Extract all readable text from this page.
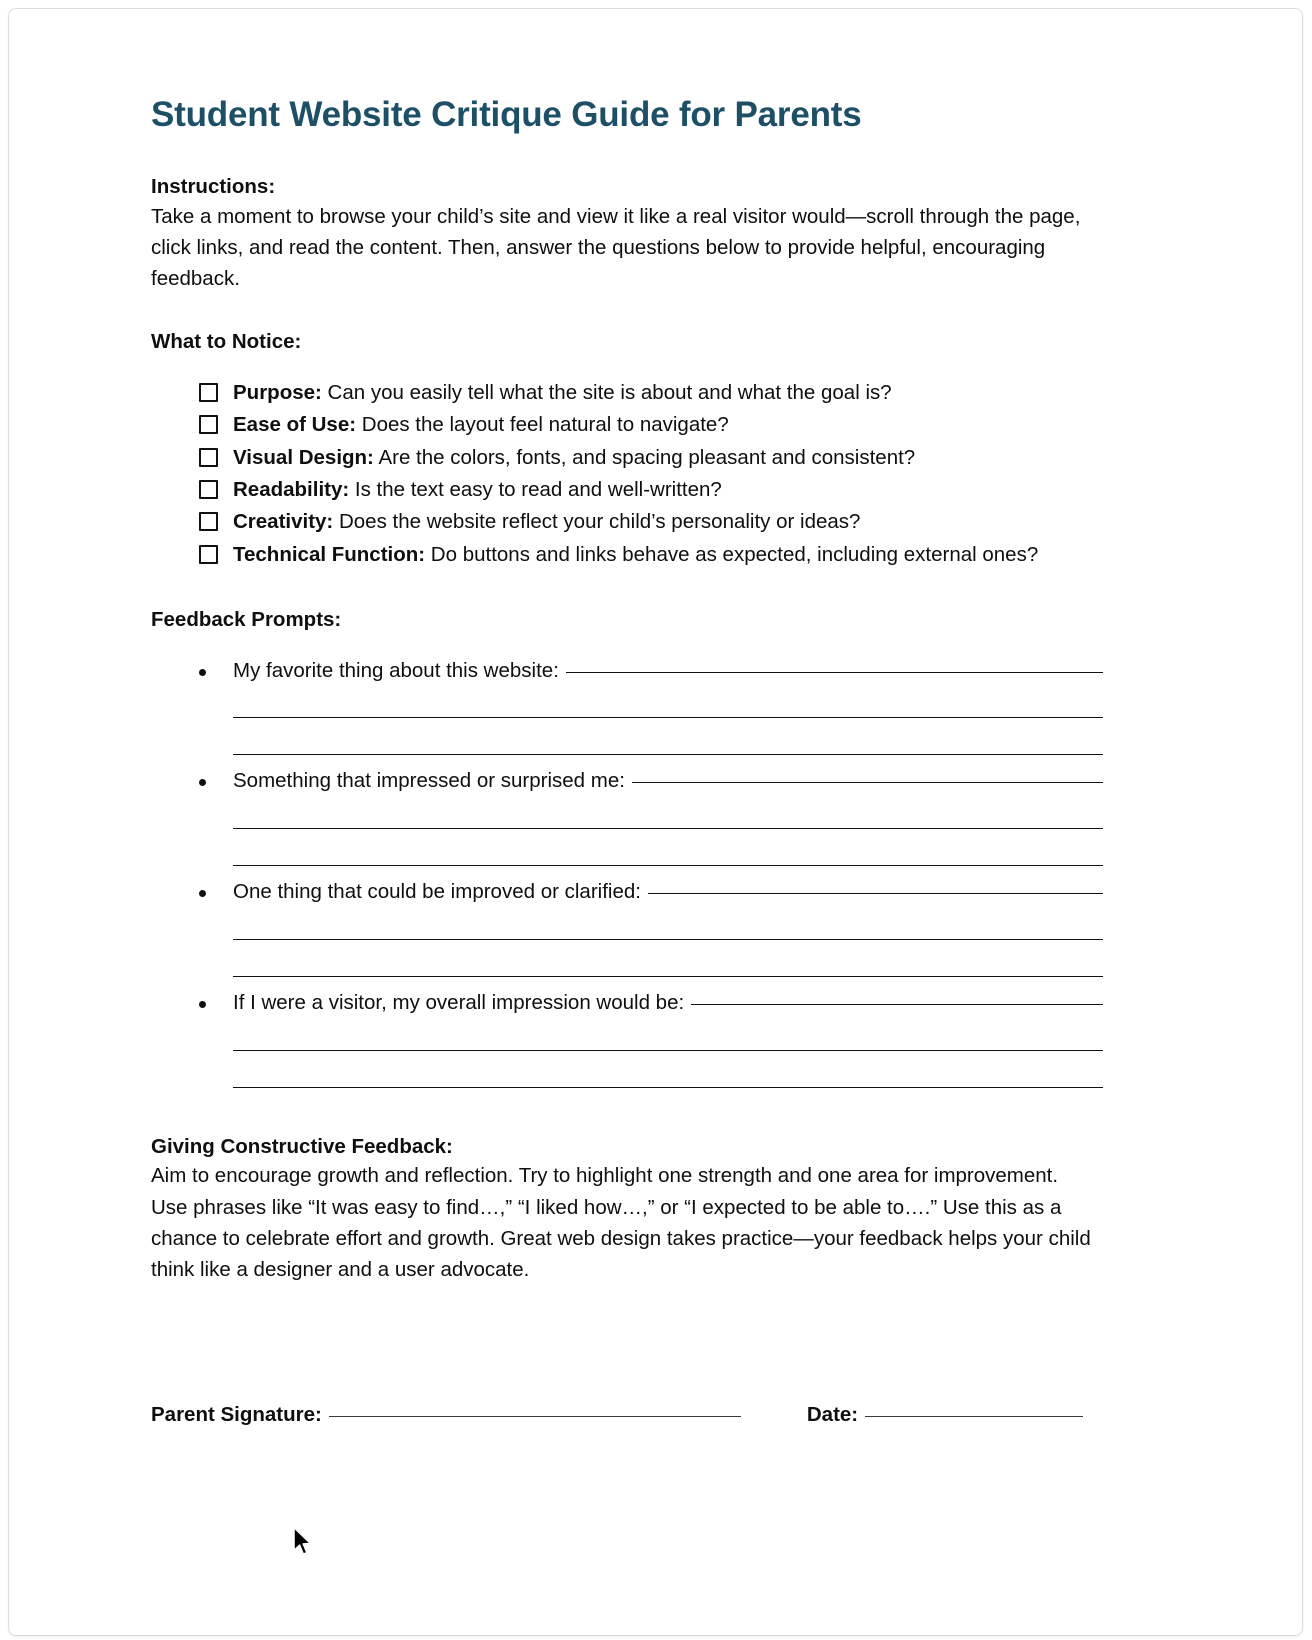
Student Website Critique Guide for Parents

Instructions:

Take a moment to browse your child’s site and view it like a real visitor would—scroll through the page, click links, and read the content. Then, answer the questions below to provide helpful, encouraging feedback.

What to Notice:

Purpose: Can you easily tell what the site is about and what the goal is?
Ease of Use: Does the layout feel natural to navigate?
Visual Design: Are the colors, fonts, and spacing pleasant and consistent?
Readability: Is the text easy to read and well-written?
Creativity: Does the website reflect your child’s personality or ideas?
Technical Function: Do buttons and links behave as expected, including external ones?

Feedback Prompts:

My favorite thing about this website:
Something that impressed or surprised me:
One thing that could be improved or clarified:
If I were a visitor, my overall impression would be:

Giving Constructive Feedback:

Aim to encourage growth and reflection. Try to highlight one strength and one area for improvement. Use phrases like “It was easy to find…,” “I liked how…,” or “I expected to be able to….” Use this as a chance to celebrate effort and growth. Great web design takes practice—your feedback helps your child think like a designer and a user advocate.

Parent Signature:	Date:
